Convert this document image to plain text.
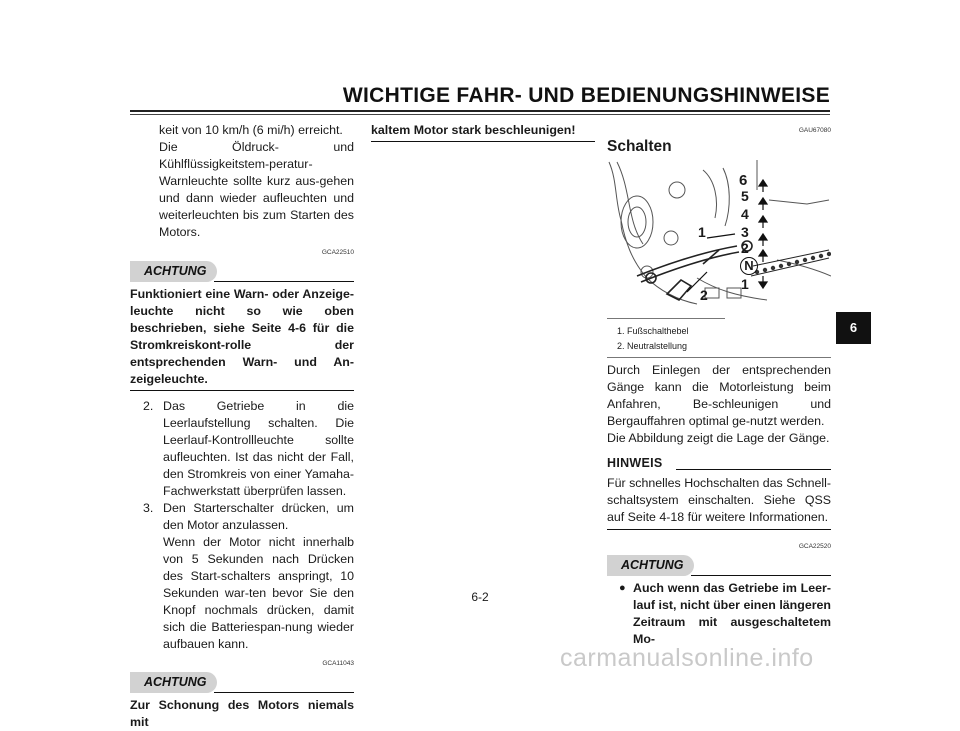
WICHTIGE FAHR- UND BEDIENUNGSHINWEISE
keit von 10 km/h (6 mi/h) erreicht.
Die Öldruck- und Kühlflüssigkeitstem-peratur-Warnleuchte sollte kurz aus-gehen und dann wieder aufleuchten und weiterleuchten bis zum Starten des Motors.
GCA22510
ACHTUNG
Funktioniert eine Warn- oder Anzeige-leuchte nicht so wie oben beschrieben, siehe Seite 4-6 für die Stromkreiskont-rolle der entsprechenden Warn- und An-zeigeleuchte.
2. Das Getriebe in die Leerlaufstellung schalten. Die Leerlauf-Kontrollleuchte sollte aufleuchten. Ist das nicht der Fall, den Stromkreis von einer Yamaha-Fachwerkstatt überprüfen lassen.
3. Den Starterschalter drücken, um den Motor anzulassen.
Wenn der Motor nicht innerhalb von 5 Sekunden nach Drücken des Start-schalters anspringt, 10 Sekunden war-ten bevor Sie den Knopf nochmals drücken, damit sich die Batteriespan-nung wieder aufbauen kann.
GCA11043
ACHTUNG
Zur Schonung des Motors niemals mit
kaltem Motor stark beschleunigen!	GAU67080
Schalten
6
5
4
3
2
N
1
1
2
1. Fußschalthebel
2. Neutralstellung
Durch Einlegen der entsprechenden Gänge kann die Motorleistung beim Anfahren, Be-schleunigen und Bergauffahren optimal ge-nutzt werden.
Die Abbildung zeigt die Lage der Gänge.
HINWEIS
Für schnelles Hochschalten das Schnell-schaltsystem einschalten. Siehe QSS auf Seite 4-18 für weitere Informationen.
GCA22520
ACHTUNG
● Auch wenn das Getriebe im Leer-lauf ist, nicht über einen längeren Zeitraum mit ausgeschaltetem Mo-
6
6-2
carmanualsonline.info
